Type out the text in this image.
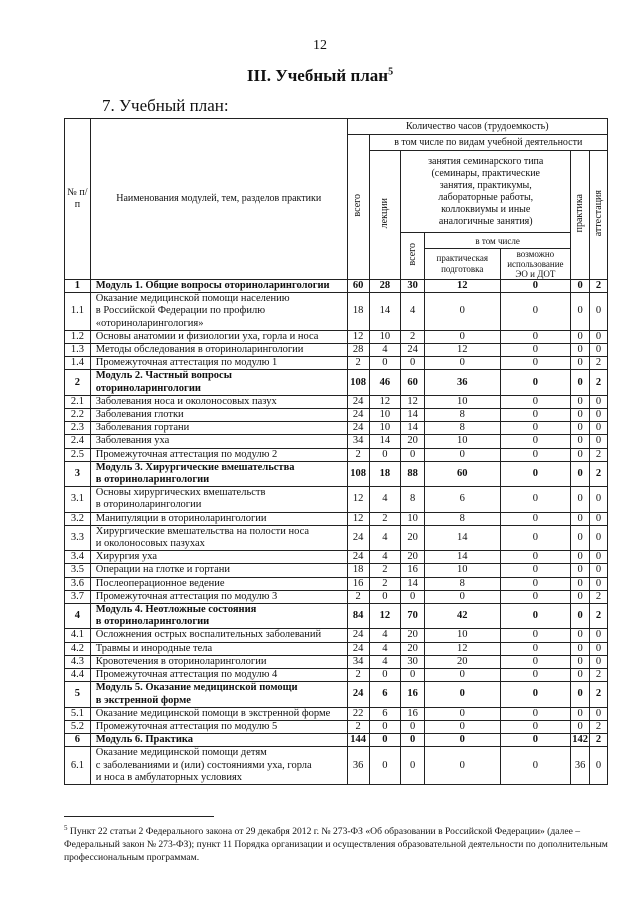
12
III. Учебный план$^5$
7. Учебный план:
№ п/п	Наименования модулей, тем, разделов практики	Количество часов (трудоемкость)						
		всего	в том числе по видам учебной деятельности					
			лекции	занятия семинарского типа (семинары, практические занятия, практикумы, лабораторные работы, коллоквиумы и иные аналогичные занятия)			практика	аттестация
				всего	в том числе			
					практическая подготовка	возможно использование ЭО и ДОТ		
1	Модуль 1. Общие вопросы оториноларингологии	60	28	30	12	0	0	2
1.1	Оказание медицинской помощи населению
в Российской Федерации по профилю
«оториноларингология»	18	14	4	0	0	0	0
1.2	Основы анатомии и физиологии уха, горла и носа	12	10	2	0	0	0	0
1.3	Методы обследования в оториноларингологии	28	4	24	12	0	0	0
1.4	Промежуточная аттестация по модулю 1	2	0	0	0	0	0	2
2	Модуль 2. Частный вопросы
оториноларингологии	108	46	60	36	0	0	2
2.1	Заболевания носа и околоносовых пазух	24	12	12	10	0	0	0
2.2	Заболевания глотки	24	10	14	8	0	0	0
2.3	Заболевания гортани	24	10	14	8	0	0	0
2.4	Заболевания уха	34	14	20	10	0	0	0
2.5	Промежуточная аттестация по модулю 2	2	0	0	0	0	0	2
3	Модуль 3. Хирургические вмешательства
в оториноларингологии	108	18	88	60	0	0	2
3.1	Основы хирургических вмешательств
в оториноларингологии	12	4	8	6	0	0	0
3.2	Манипуляции в оториноларингологии	12	2	10	8	0	0	0
3.3	Хирургические вмешательства на полости носа
и околоносовых пазухах	24	4	20	14	0	0	0
3.4	Хирургия уха	24	4	20	14	0	0	0
3.5	Операции на глотке и гортани	18	2	16	10	0	0	0
3.6	Послеоперационное ведение	16	2	14	8	0	0	0
3.7	Промежуточная аттестация по модулю 3	2	0	0	0	0	0	2
4	Модуль 4. Неотложные состояния
в оториноларингологии	84	12	70	42	0	0	2
4.1	Осложнения острых воспалительных заболеваний	24	4	20	10	0	0	0
4.2	Травмы и инородные тела	24	4	20	12	0	0	0
4.3	Кровотечения в оториноларингологии	34	4	30	20	0	0	0
4.4	Промежуточная аттестация по модулю 4	2	0	0	0	0	0	2
5	Модуль 5. Оказание медицинской помощи
в экстренной форме	24	6	16	0	0	0	2
5.1	Оказание медицинской помощи в экстренной форме	22	6	16	0	0	0	0
5.2	Промежуточная аттестация по модулю 5	2	0	0	0	0	0	2
6	Модуль 6. Практика	144	0	0	0	0	142	2
6.1	Оказание медицинской помощи детям
с заболеваниями и (или) состояниями уха, горла
и носа в амбулаторных условиях	36	0	0	0	0	36	0
$^5$ Пункт 22 статьи 2 Федерального закона от 29 декабря 2012 г. № 273-ФЗ «Об образовании в Российской Федерации» (далее – Федеральный закон № 273-ФЗ); пункт 11 Порядка организации и осуществления образовательной деятельности по дополнительным профессиональным программам.
